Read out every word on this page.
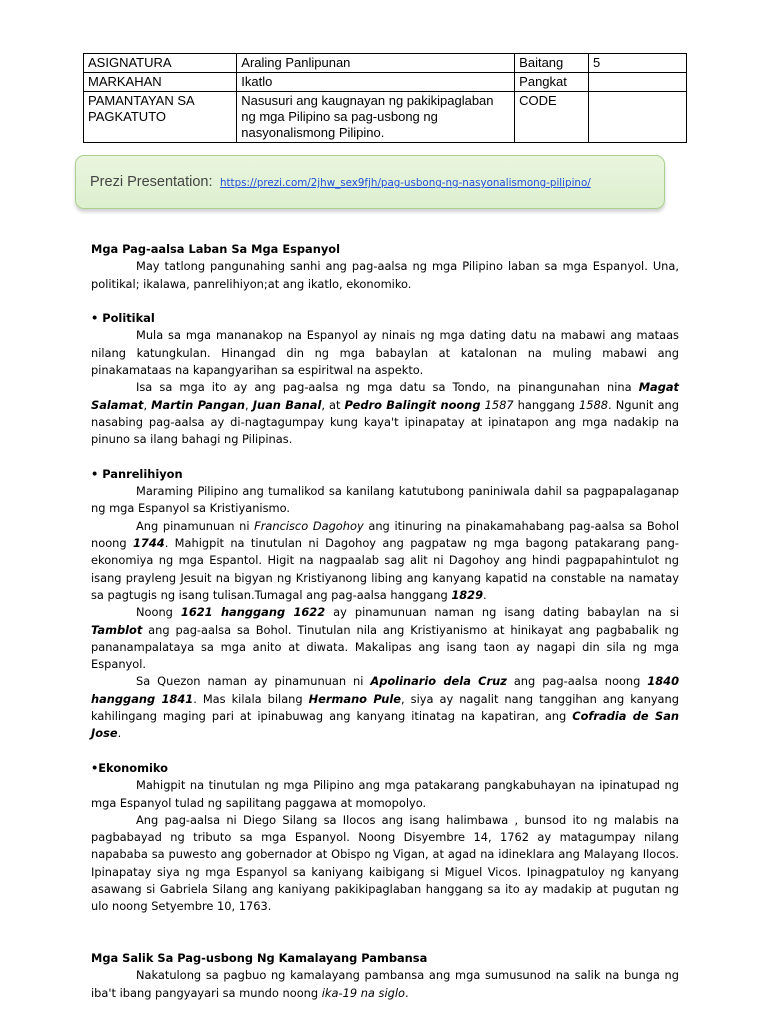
ASIGNATURA	Araling Panlipunan	Baitang	5
MARKAHAN	Ikatlo	Pangkat	
PAMANTAYAN SA PAGKATUTO	Nasusuri ang kaugnayan ng pakikipaglaban ng mga Pilipino sa pag-usbong ng nasyonalismong Pilipino.	CODE	
Prezi Presentation: https://prezi.com/2jhw_sex9fjh/pag-usbong-ng-nasyonalismong-pilipino/

Mga Pag-aalsa Laban Sa Mga Espanyol

May tatlong pangunahing sanhi ang pag-aalsa ng mga Pilipino laban sa mga Espanyol. Una, politikal; ikalawa, panrelihiyon;at ang ikatlo, ekonomiko.

• Politikal

Mula sa mga mananakop na Espanyol ay ninais ng mga dating datu na mabawi ang mataas nilang katungkulan. Hinangad din ng mga babaylan at katalonan na muling mabawi ang pinakamataas na kapangyarihan sa espiritwal na aspekto.

Isa sa mga ito ay ang pag-aalsa ng mga datu sa Tondo, na pinangunahan nina Magat Salamat, Martin Pangan, Juan Banal, at Pedro Balingit noong 1587 hanggang 1588. Ngunit ang nasabing pag-aalsa ay di-nagtagumpay kung kaya't ipinapatay at ipinatapon ang mga nadakip na pinuno sa ilang bahagi ng Pilipinas.

• Panrelihiyon

Maraming Pilipino ang tumalikod sa kanilang katutubong paniniwala dahil sa pagpapalaganap ng mga Espanyol sa Kristiyanismo.

Ang pinamunuan ni Francisco Dagohoy ang itinuring na pinakamahabang pag-aalsa sa Bohol noong 1744. Mahigpit na tinutulan ni Dagohoy ang pagpataw ng mga bagong patakarang pang-ekonomiya ng mga Espantol. Higit na nagpaalab sag alit ni Dagohoy ang hindi pagpapahintulot ng isang prayleng Jesuit na bigyan ng Kristiyanong libing ang kanyang kapatid na constable na namatay sa pagtugis ng isang tulisan.Tumagal ang pag-aalsa hanggang 1829.

Noong 1621 hanggang 1622 ay pinamunuan naman ng isang dating babaylan na si Tamblot ang pag-aalsa sa Bohol. Tinutulan nila ang Kristiyanismo at hinikayat ang pagbabalik ng pananampalataya sa mga anito at diwata. Makalipas ang isang taon ay nagapi din sila ng mga Espanyol.

Sa Quezon naman ay pinamunuan ni Apolinario dela Cruz ang pag-aalsa noong 1840 hanggang 1841. Mas kilala bilang Hermano Pule, siya ay nagalit nang tanggihan ang kanyang kahilingang maging pari at ipinabuwag ang kanyang itinatag na kapatiran, ang Cofradia de San Jose.

•Ekonomiko

Mahigpit na tinutulan ng mga Pilipino ang mga patakarang pangkabuhayan na ipinatupad ng mga Espanyol tulad ng sapilitang paggawa at momopolyo.

Ang pag-aalsa ni Diego Silang sa Ilocos ang isang halimbawa , bunsod ito ng malabis na pagbabayad ng tributo sa mga Espanyol. Noong Disyembre 14, 1762 ay matagumpay nilang napababa sa puwesto ang gobernador at Obispo ng Vigan, at agad na idineklara ang Malayang Ilocos. Ipinapatay siya ng mga Espanyol sa kaniyang kaibigang si Miguel Vicos. Ipinagpatuloy ng kanyang asawang si Gabriela Silang ang kaniyang pakikipaglaban hanggang sa ito ay madakip at pugutan ng ulo noong Setyembre 10, 1763.

Mga Salik Sa Pag-usbong Ng Kamalayang Pambansa

Nakatulong sa pagbuo ng kamalayang pambansa ang mga sumusunod na salik na bunga ng iba't ibang pangyayari sa mundo noong ika-19 na siglo.
